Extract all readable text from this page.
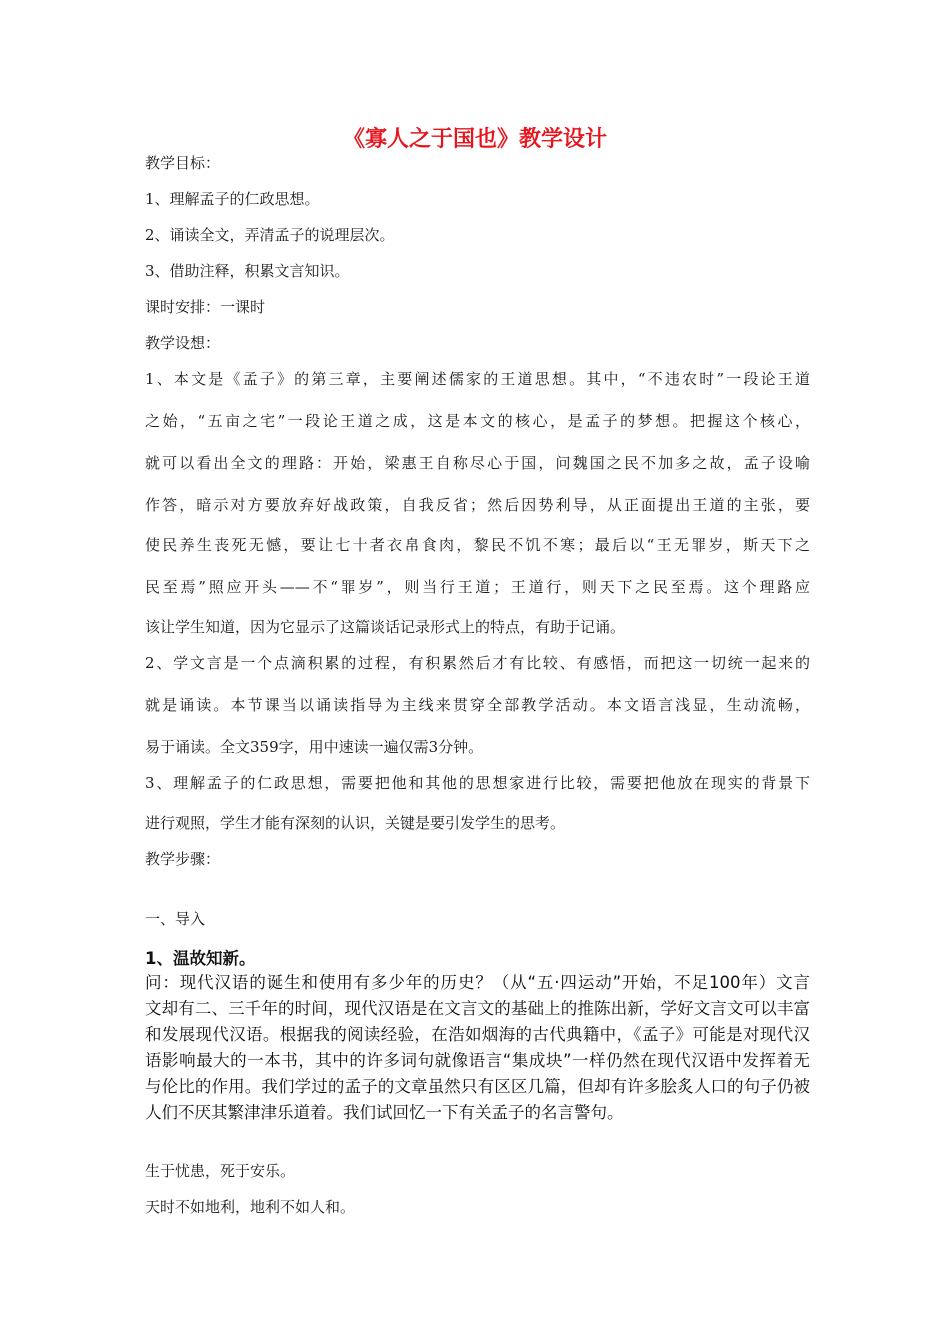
《寡人之于国也》教学设计
教学目标：
1、理解孟子的仁政思想。
2、诵读全文，弄清孟子的说理层次。
3、借助注释，积累文言知识。
课时安排：一课时
教学设想：
1、本文是《孟子》的第三章，主要阐述儒家的王道思想。其中，“不违农时”一段论王道
之始，“五亩之宅”一段论王道之成，这是本文的核心，是孟子的梦想。把握这个核心，
就可以看出全文的理路：开始，梁惠王自称尽心于国，问魏国之民不加多之故，孟子设喻
作答，暗示对方要放弃好战政策，自我反省；然后因势利导，从正面提出王道的主张，要
使民养生丧死无憾，要让七十者衣帛食肉，黎民不饥不寒；最后以“王无罪岁，斯天下之
民至焉”照应开头——不“罪岁”，则当行王道；王道行，则天下之民至焉。这个理路应
该让学生知道，因为它显示了这篇谈话记录形式上的特点，有助于记诵。
2、学文言是一个点滴积累的过程，有积累然后才有比较、有感悟，而把这一切统一起来的
就是诵读。本节课当以诵读指导为主线来贯穿全部教学活动。本文语言浅显，生动流畅，
易于诵读。全文359字，用中速读一遍仅需3分钟。
3、理解孟子的仁政思想，需要把他和其他的思想家进行比较，需要把他放在现实的背景下
进行观照，学生才能有深刻的认识，关键是要引发学生的思考。
教学步骤：
一、导入
1、温故知新。
问：现代汉语的诞生和使用有多少年的历史？（从“五·四运动”开始，不足100年）文言
文却有二、三千年的时间，现代汉语是在文言文的基础上的推陈出新，学好文言文可以丰富
和发展现代汉语。根据我的阅读经验，在浩如烟海的古代典籍中，《孟子》可能是对现代汉
语影响最大的一本书，其中的许多词句就像语言“集成块”一样仍然在现代汉语中发挥着无
与伦比的作用。我们学过的孟子的文章虽然只有区区几篇，但却有许多脍炙人口的句子仍被
人们不厌其繁津津乐道着。我们试回忆一下有关孟子的名言警句。
生于忧患，死于安乐。
天时不如地利，地利不如人和。
